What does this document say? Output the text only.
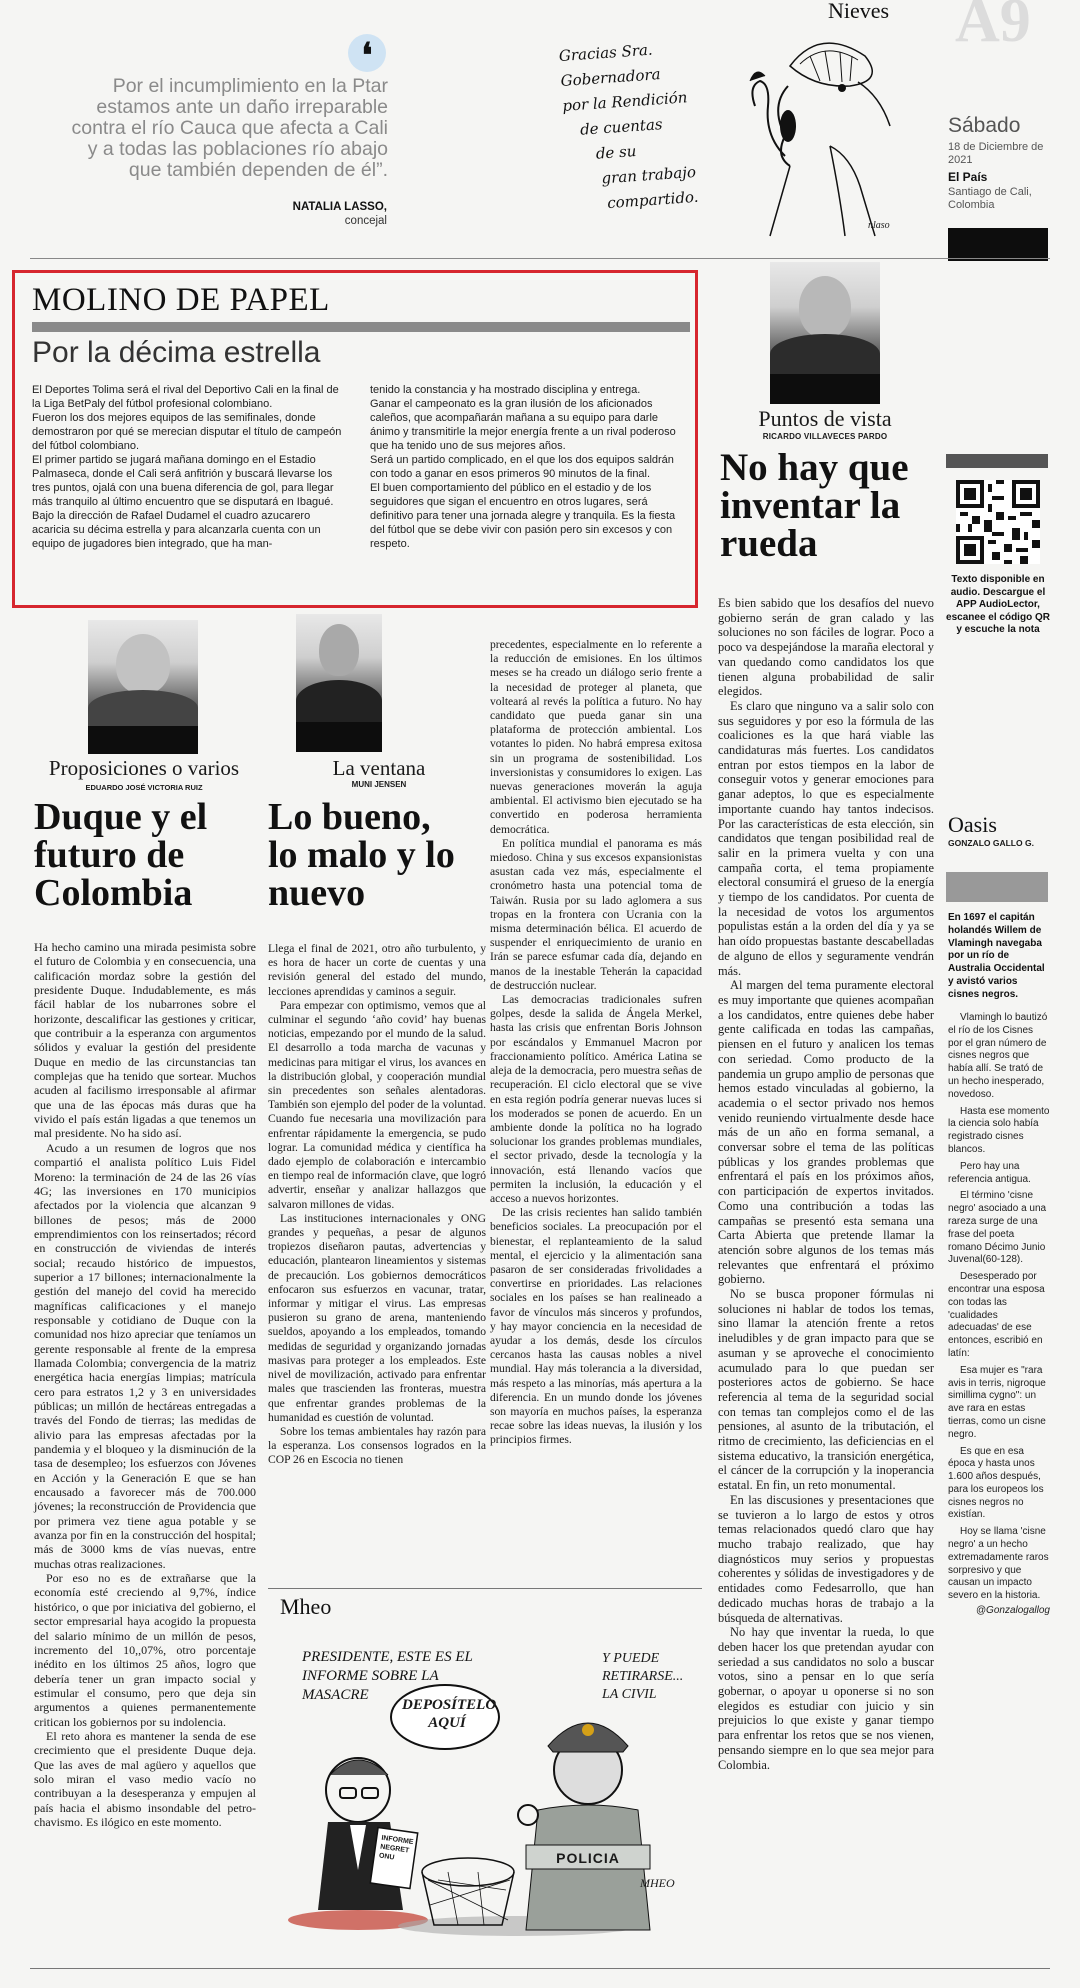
❛
Por el incumplimiento en la Ptar estamos ante un daño irreparable contra el río Cauca que afecta a Cali y a todas las poblaciones río abajo que también dependen de él”.
NATALIA LASSO,
concejal
Gracias Sra.
Gobernadora
por la Rendición
de cuentas
de su
gran trabajo
compartido.
nlaso
Nieves A9
Sábado
18 de Diciembre de 2021
El País
Santiago de Cali, Colombia
MOLINO DE PAPEL
Por la décima estrella

El Deportes Tolima será el rival del Deportivo Cali en la final de la Liga BetPaly del fútbol profesional colombiano.

Fueron los dos mejores equipos de las semifinales, donde demostraron por qué se merecian disputar el título de campeón del fútbol colombiano.

El primer partido se jugará mañana domingo en el Estadio Palmaseca, donde el Cali será anfitrión y buscará llevarse los tres puntos, ojalá con una buena diferencia de gol, para llegar más tranquilo al último encuentro que se disputará en Ibagué.

Bajo la dirección de Rafael Dudamel el cuadro azucarero acaricia su décima estrella y para alcanzarla cuenta con un equipo de jugadores bien integrado, que ha man-

tenido la constancia y ha mostrado disciplina y entrega.

Ganar el campeonato es la gran ilusión de los aficionados caleños, que acompañarán mañana a su equipo para darle ánimo y transmitirle la mejor energía frente a un rival poderoso que ha tenido uno de sus mejores años.

Será un partido complicado, en el que los dos equipos saldrán con todo a ganar en esos primeros 90 minutos de la final.

El buen comportamiento del público en el estadio y de los seguidores que sigan el encuentro en otros lugares, será definitivo para tener una jornada alegre y tranquila. Es la fiesta del fútbol que se debe vivir con pasión pero sin excesos y con respeto.

Puntos de vista
RICARDO VILLAVECES PARDO
No hay que inventar la rueda

Es bien sabido que los desafíos del nuevo gobierno serán de gran calado y las soluciones no son fáciles de lograr. Poco a poco va despejándose la maraña electoral y van quedando como candidatos los que tienen alguna probabilidad de salir elegidos.

Es claro que ninguno va a salir solo con sus seguidores y por eso la fórmula de las coaliciones es la que hará viable las candidaturas más fuertes. Los candidatos entran por estos tiempos en la labor de conseguir votos y generar emociones para ganar adeptos, lo que es especialmente importante cuando hay tantos indecisos. Por las características de esta elección, sin candidatos que tengan posibilidad real de salir en la primera vuelta y con una campaña corta, el tema propiamente electoral consumirá el grueso de la energía y tiempo de los candidatos. Por cuenta de la necesidad de votos los argumentos populistas están a la orden del día y ya se han oído propuestas bastante descabelladas de alguno de ellos y seguramente vendrán más.

Al margen del tema puramente electoral es muy importante que quienes acompañan a los candidatos, entre quienes debe haber gente calificada en todas las campañas, piensen en el futuro y analicen los temas con seriedad. Como producto de la pandemia un grupo amplio de personas que hemos estado vinculadas al gobierno, la academia o el sector privado nos hemos venido reuniendo virtualmente desde hace más de un año en forma semanal, a conversar sobre el tema de las políticas públicas y los grandes problemas que enfrentará el país en los próximos años, con participación de expertos invitados. Como una contribución a todas las campañas se presentó esta semana una Carta Abierta que pretende llamar la atención sobre algunos de los temas más relevantes que enfrentará el próximo gobierno.

No se busca proponer fórmulas ni soluciones ni hablar de todos los temas, sino llamar la atención frente a retos ineludibles y de gran impacto para que se asuman y se aproveche el conocimiento acumulado para lo que puedan ser posteriores actos de gobierno. Se hace referencia al tema de la seguridad social con temas tan complejos como el de las pensiones, al asunto de la tributación, el ritmo de crecimiento, las deficiencias en el sistema educativo, la transición energética, el cáncer de la corrupción y la inoperancia estatal. En fin, un reto monumental.

En las discusiones y presentaciones que se tuvieron a lo largo de estos y otros temas relacionados quedó claro que hay mucho trabajo realizado, que hay diagnósticos muy serios y propuestas coherentes y sólidas de investigadores y de entidades como Fedesarrollo, que han dedicado muchas horas de trabajo a la búsqueda de alternativas.

No hay que inventar la rueda, lo que deben hacer los que pretendan ayudar con seriedad a sus candidatos no solo a buscar votos, sino a pensar en lo que sería gobernar, o apoyar u oponerse si no son elegidos es estudiar con juicio y sin prejuicios lo que existe y ganar tiempo para enfrentar los retos que se nos vienen, pensando siempre en lo que sea mejor para Colombia.

Texto disponible en audio. Descargue el APP AudioLector, escanee el código QR y escuche la nota
Oasis
GONZALO GALLO G.
En 1697 el capitán holandés Willem de Vlamingh navegaba por un río de Australia Occidental y avistó varios cisnes negros.

Vlamingh lo bautizó el río de los Cisnes por el gran número de cisnes negros que había allí. Se trató de un hecho inesperado, novedoso.

Hasta ese momento la ciencia solo había registrado cisnes blancos.

Pero hay una referencia antigua.

El término 'cisne negro' asociado a una rareza surge de una frase del poeta romano Décimo Junio Juvenal(60-128).

Desesperado por encontrar una esposa con todas las 'cualidades adecuadas' de ese entonces, escribió en latín:

Esa mujer es "rara avis in terris, nigroque simillima cygno": un ave rara en estas tierras, como un cisne negro.

Es que en esa época y hasta unos 1.600 años después, para los europeos los cisnes negros no existían.

Hoy se llama 'cisne negro' a un hecho extremadamente raros sorpresivo y que causan un impacto severo en la historia.

@Gonzalogallog

Proposiciones o varios
EDUARDO JOSÉ VICTORIA RUIZ
Duque y el futuro de Colombia

Ha hecho camino una mirada pesimista sobre el futuro de Colombia y en consecuencia, una calificación mordaz sobre la gestión del presidente Duque. Indudablemente, es más fácil hablar de los nubarrones sobre el horizonte, descalificar las gestiones y criticar, que contribuir a la esperanza con argumentos sólidos y evaluar la gestión del presidente Duque en medio de las circunstancias tan complejas que ha tenido que sortear. Muchos acuden al facilismo irresponsable al afirmar que una de las épocas más duras que ha vivido el país están ligadas a que tenemos un mal presidente. No ha sido así.

Acudo a un resumen de logros que nos compartió el analista político Luis Fidel Moreno: la terminación de 24 de las 26 vías 4G; las inversiones en 170 municipios afectados por la violencia que alcanzan 9 billones de pesos; más de 2000 emprendimientos con los reinsertados; récord en construcción de viviendas de interés social; recaudo histórico de impuestos, superior a 17 billones; internacionalmente la gestión del manejo del covid ha merecido magníficas calificaciones y el manejo responsable y cotidiano de Duque con la comunidad nos hizo apreciar que teníamos un gerente responsable al frente de la empresa llamada Colombia; convergencia de la matriz energética hacia energías limpias; matrícula cero para estratos 1,2 y 3 en universidades públicas; un millón de hectáreas entregadas a través del Fondo de tierras; las medidas de alivio para las empresas afectadas por la pandemia y el bloqueo y la disminución de la tasa de desempleo; los esfuerzos con Jóvenes en Acción y la Generación E que se han encausado a favorecer más de 700.000 jóvenes; la reconstrucción de Providencia que por primera vez tiene agua potable y se avanza por fin en la construcción del hospital; más de 3000 kms de vías nuevas, entre muchas otras realizaciones.

Por eso no es de extrañarse que la economía esté creciendo al 9,7%, índice histórico, o que por iniciativa del gobierno, el sector empresarial haya acogido la propuesta del salario mínimo de un millón de pesos, incremento del 10,,07%, otro porcentaje inédito en los últimos 25 años, logro que debería tener un gran impacto social y estimular el consumo, pero que deja sin argumentos a quienes permanentemente critican los gobiernos por su indolencia.

El reto ahora es mantener la senda de ese crecimiento que el presidente Duque deja. Que las aves de mal agüero y aquellos que solo miran el vaso medio vacío no contribuyan a la desesperanza y empujen al país hacia el abismo insondable del petro-chavismo. Es ilógico en este momento.

La ventana
MUNI JENSEN
Lo bueno, lo malo y lo nuevo

Llega el final de 2021, otro año turbulento, y es hora de hacer un corte de cuentas y una revisión general del estado del mundo, lecciones aprendidas y caminos a seguir.

Para empezar con optimismo, vemos que al culminar el segundo ‘año covid’ hay buenas noticias, empezando por el mundo de la salud. El desarrollo a toda marcha de vacunas y medicinas para mitigar el virus, los avances en la distribución global, y cooperación mundial sin precedentes son señales alentadoras. También son ejemplo del poder de la voluntad. Cuando fue necesaria una movilización para enfrentar rápidamente la emergencia, se pudo lograr. La comunidad médica y científica ha dado ejemplo de colaboración e intercambio en tiempo real de información clave, que logró advertir, enseñar y analizar hallazgos que salvaron millones de vidas.

Las instituciones internacionales y ONG grandes y pequeñas, a pesar de algunos tropiezos diseñaron pautas, advertencias y educación, plantearon lineamientos y sistemas de precaución. Los gobiernos democráticos enfocaron sus esfuerzos en vacunar, tratar, informar y mitigar el virus. Las empresas pusieron su grano de arena, manteniendo sueldos, apoyando a los empleados, tomando medidas de seguridad y organizando jornadas masivas para proteger a los empleados. Este nivel de movilización, activado para enfrentar males que trascienden las fronteras, muestra que enfrentar grandes problemas de la humanidad es cuestión de voluntad.

Sobre los temas ambientales hay razón para la esperanza. Los consensos logrados en la COP 26 en Escocia no tienen

precedentes, especialmente en lo referente a la reducción de emisiones. En los últimos meses se ha creado un diálogo serio frente a la necesidad de proteger al planeta, que volteará al revés la política a futuro. No hay candidato que pueda ganar sin una plataforma de protección ambiental. Los votantes lo piden. No habrá empresa exitosa sin un programa de sostenibilidad. Los inversionistas y consumidores lo exigen. Las nuevas generaciones moverán la aguja ambiental. El activismo bien ejecutado se ha convertido en poderosa herramienta democrática.

En política mundial el panorama es más miedoso. China y sus excesos expansionistas asustan cada vez más, especialmente el cronómetro hasta una potencial toma de Taiwán. Rusia por su lado aglomera a sus tropas en la frontera con Ucrania con la misma determinación bélica. El acuerdo de suspender el enriquecimiento de uranio en Irán se parece esfumar cada día, dejando en manos de la inestable Teherán la capacidad de destrucción nuclear.

Las democracias tradicionales sufren golpes, desde la salida de Ángela Merkel, hasta las crisis que enfrentan Boris Johnson por escándalos y Emmanuel Macron por fraccionamiento político. América Latina se aleja de la democracia, pero muestra señas de recuperación. El ciclo electoral que se vive en esta región podría generar nuevas luces si los moderados se ponen de acuerdo. En un ambiente donde la política no ha logrado solucionar los grandes problemas mundiales, el sector privado, desde la tecnología y la innovación, está llenando vacíos que permiten la inclusión, la educación y el acceso a nuevos horizontes.

De las crisis recientes han salido también beneficios sociales. La preocupación por el bienestar, el replanteamiento de la salud mental, el ejercicio y la alimentación sana pasaron de ser consideradas frivolidades a convertirse en prioridades. Las relaciones sociales en los países se han realineado a favor de vínculos más sinceros y profundos, y hay mayor conciencia en la necesidad de ayudar a los demás, desde los círculos cercanos hasta las causas nobles a nivel mundial. Hay más tolerancia a la diversidad, más respeto a las minorías, más apertura a la diferencia. En un mundo donde los jóvenes son mayoría en muchos países, la esperanza recae sobre las ideas nuevas, la ilusión y los principios firmes.

Mheo
PRESIDENTE, ESTE ES EL INFORME SOBRE LA MASACRE
DEPOSÍTELO AQUÍ
Y PUEDE RETIRARSE... LA CIVIL
INFORME NEGRET ONU	POLICIA
MHEO
